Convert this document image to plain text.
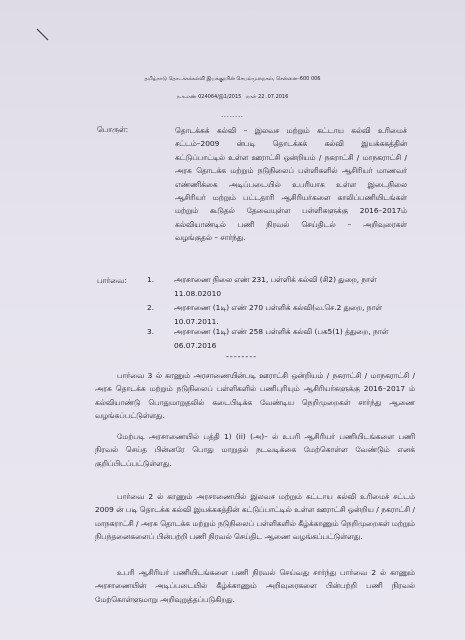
தமிழ்நாடு தொடக்கக்கல்வி இயக்குநரின் செயல்முறைகள், சென்னை–600 006
ந.க.எண் 024064/இ1/2015 நாள் 22 .07.2016
--------
பொருள்:	தொடக்கக் கல்வி – இலவச மற்றும் கட்டாய கல்வி உரிமைச்
சட்டம்–2009 ன்படி தொடக்கக் கல்வி இயக்ககத்தின்
கட்டுப்பாட்டில் உள்ள ஊராட்சி ஒன்றியம் / நகராட்சி / மாநகராட்சி /
அரசு தொடக்க மற்றும் நடுநிலைப் பள்ளிகளில் ஆசிரியர் மாணவர்
எண்ணிக்கை அடிப்படையில் உபரியாக உள்ள இடைநிலை
ஆசிரியர் மற்றும் பட்டதாரி ஆசிரியர்களை காலிப்பணியிடங்கள்
மற்றும் கூடுதல் தேவையுள்ள பள்ளிகளுக்கு 2016–2017ம்
கல்வியாண்டில் பணி நிரவல் செய்திடல் – அறிவுரைகள்
வழங்குதல் – சார்ந்து.
பார்வை:	1.	அரசாணை நிலை எண் 231, பள்ளிக் கல்வி (சி2) துறை, நாள்
11.08.02010
2.	அரசாணை (1டி) எண் 270 பள்ளிக் கல்வி(வ.செ.2 துறை, நாள்
10.07.2011.
3.	அரசாணை (1டி) எண் 258 பள்ளிக் கல்வி (பக5(1) த்துறை, நாள்
06.07.2016
--------
பார்வை 3 ல் காணும் அரசாணையின்படி ஊராட்சி ஒன்றியம் / நகராட்சி / மாநகராட்சி /
அரசு தொடக்க மற்றும் நடுநிலைப் பள்ளிகளில் பணிபுரியும் ஆசிரியர்களுக்கு 2016–2017 ம்
கல்வியாண்டு பொதுமாறுதலில் கடைபிடிக்க வேண்டிய நெறிமுறைகள் சார்ந்து ஆணை
வழங்கப்பட்டுள்ளது.
மேற்படி அரசாணையில் பத்தி 1) (ii) (அ)– ல் உபரி ஆசிரியர் பணியிடங்களை பணி
நிரவல் செய்த பின்னரே பொது மாறுதல் நடவடிக்கை மேற்கொள்ள வேண்டும் எனக்
குறிப்பிடப்பட்டுள்ளது.
பார்வை 2 ல் காணும் அரசாணையில் இலவச மற்றும் கட்டாய கல்வி உரிமைச் சட்டம்
2009 ன் படி தொடக்க கல்வி இயக்ககத்தின் கட்டுப்பாட்டில் உள்ள ஊராட்சி ஒன்றிய / நகராட்சி /
மாநகராட்சி / அரசு தொடக்க மற்றும் நடுநிலைப் பள்ளிகளில் கீழ்க்காணும் நெறிமுறைகள் மற்றும்
நிபந்தனைகளைப் பின்பற்றி பணி நிரவல் செய்திட ஆணை வழங்கப்பட்டுள்ளது.
உபரி ஆசிரியர் பணியிடங்களை பணி நிரவல் செய்வது சார்ந்து பார்வை 2 ல் காணும்
அரசாணையின் அடிப்படையில் கீழ்க்காணும் அறிவுரைகளை பின்பற்றி பணி நிரவல்
மேற்கொள்ளுமாறு அறிவுறுத்தப்படுகிறது.
